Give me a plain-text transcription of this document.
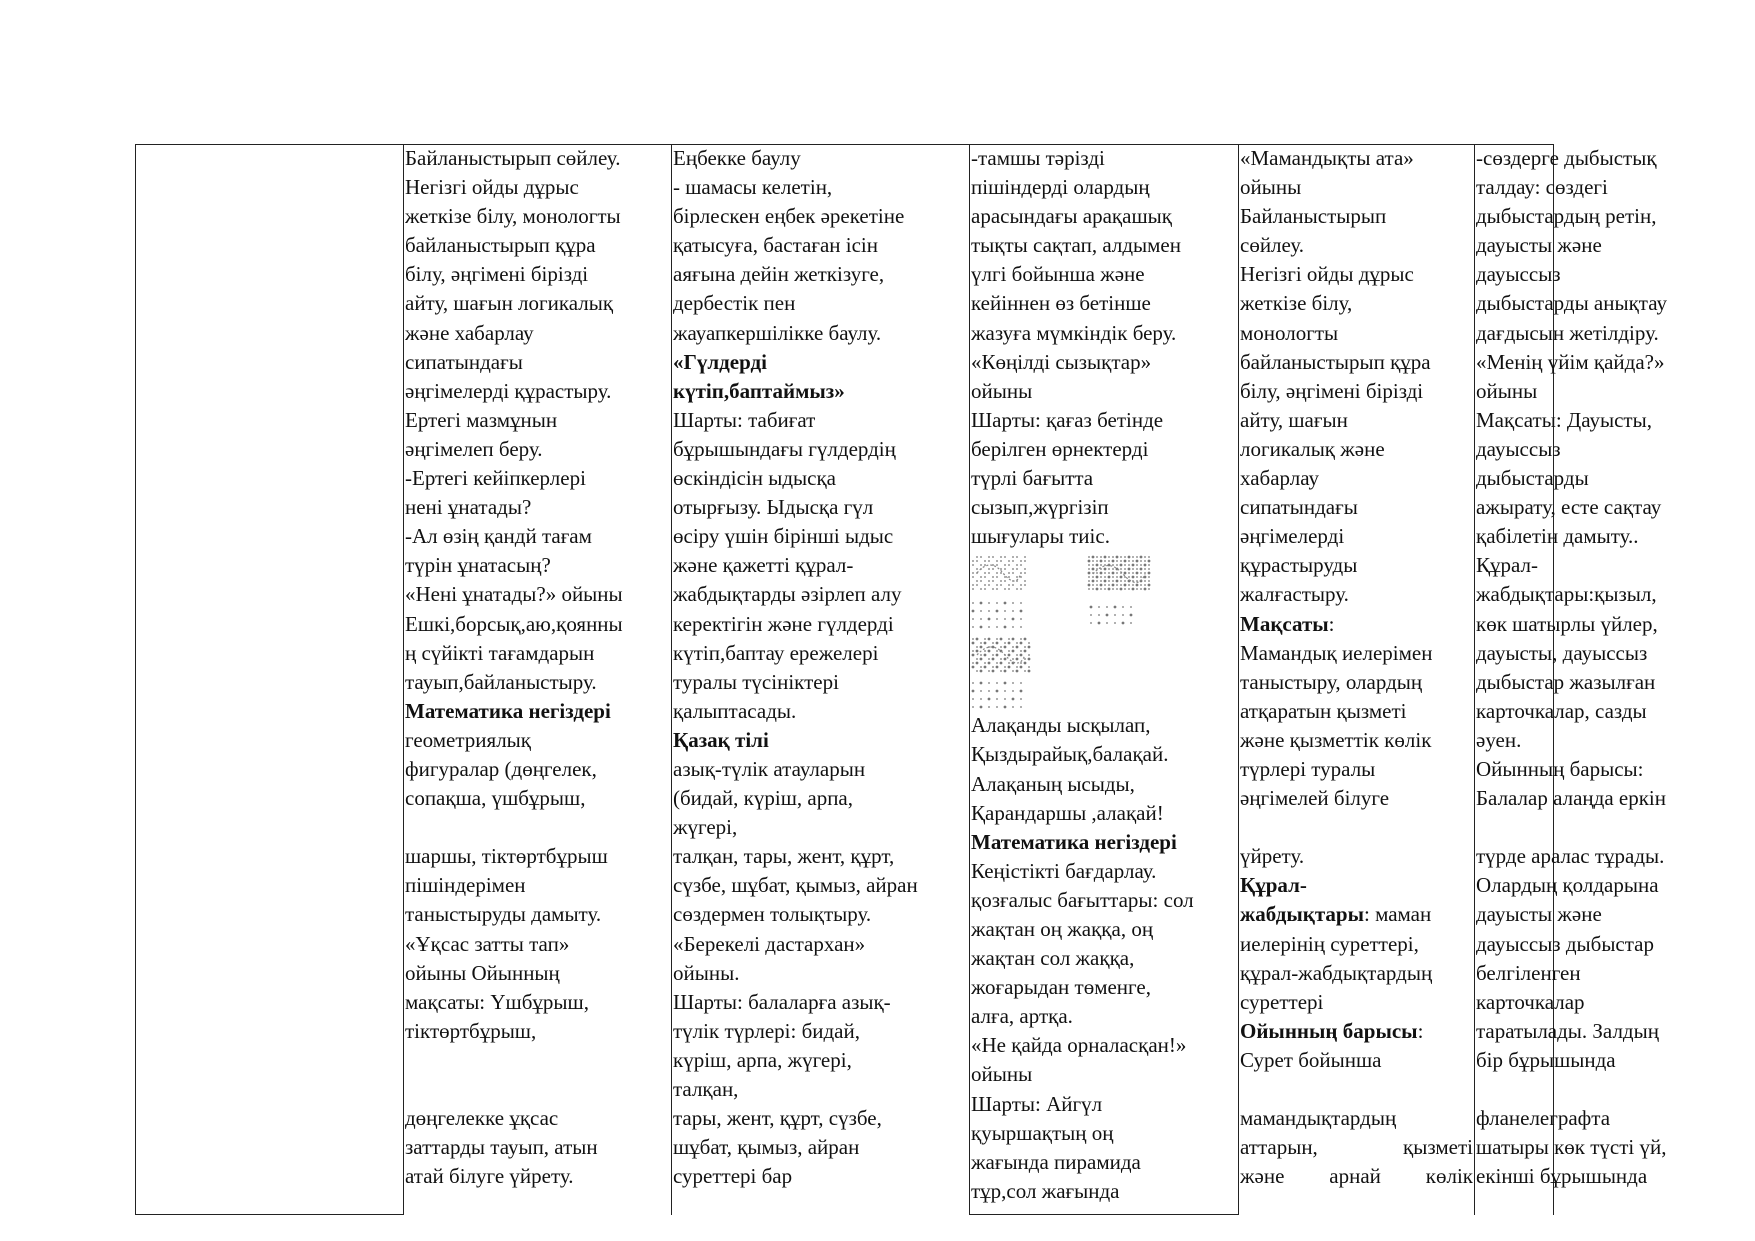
Байланыстырып сөйлеу.
Негізгі ойды дұрыс
жеткізе білу, монологты
байланыстырып құра
білу, әңгімені бірізді
айту, шағын логикалық
және хабарлау
сипатындағы
әңгімелерді құрастыру.
Ертегі мазмұнын
әңгімелеп беру.
-Ертегі кейіпкерлері
нені ұнатады?
-Ал өзің қандй тағам
түрін ұнатасың?
«Нені ұнатады?» ойыны
Ешкі,борсық,аю,қоянны
ң сүйікті тағамдарын
тауып,байланыстыру.
Математика негіздері
геометриялық
фигуралар (дөңгелек,
сопақша, үшбұрыш,
шаршы, тіктөртбұрыш
пішіндерімен
таныстыруды дамыту.
«Ұқсас затты тап»
ойыны Ойынның
мақсаты: Үшбұрыш,
тіктөртбұрыш,
дөңгелекке ұқсас
заттарды тауып, атын
атай білуге үйрету.
Еңбекке баулу
- шамасы келетін,
бірлескен еңбек әрекетіне
қатысуға, бастаған ісін
аяғына дейін жеткізуге,
дербестік пен
жауапкершілікке баулу.
«Гүлдерді
күтіп,баптаймыз»
Шарты: табиғат
бұрышындағы гүлдердің
өскіндісін ыдысқа
отырғызу. Ыдысқа гүл
өсіру үшін бірінші ыдыс
және қажетті құрал-
жабдықтарды әзірлеп алу
керектігін және гүлдерді
күтіп,баптау ережелері
туралы түсініктері
қалыптасады.
Қазақ тілі
азық-түлік атауларын
(бидай, күріш, арпа,
жүгері,
талқан, тары, жент, құрт,
сүзбе, шұбат, қымыз, айран
сөздермен толықтыру.
«Берекелі дастархан»
ойыны.
Шарты: балаларға азық-
түлік түрлері: бидай,
күріш, арпа, жүгері,
талқан,
тары, жент, құрт, сүзбе,
шұбат, қымыз, айран
суреттері бар
-тамшы тәрізді
пішіндерді олардың
арасындағы арақашық
тықты сақтап, алдымен
үлгі бойынша және
кейіннен өз бетінше
жазуға мүмкіндік беру.
«Көңілді сызықтар»
ойыны
Шарты: қағаз бетінде
берілген өрнектерді
түрлі бағытта
сызып,жүргізіп
шығулары тиіс.
Алақанды ысқылап,
Қыздырайық,балақай.
Алақаның ысыды,
Қарандаршы ,алақай!
Математика негіздері
Кеңістікті бағдарлау.
қозғалыс бағыттары: сол
жақтан оң жаққа, оң
жақтан сол жаққа,
жоғарыдан төменге,
алға, артқа.
«Не қайда орналасқан!»
ойыны
Шарты: Айгүл
қуыршақтың оң
жағында пирамида
тұр,сол жағында
«Мамандықты ата»
ойыны
Байланыстырып
сөйлеу.
Негізгі ойды дұрыс
жеткізе білу,
монологты
байланыстырып құра
білу, әңгімені бірізді
айту, шағын
логикалық және
хабарлау
сипатындағы
әңгімелерді
құрастыруды
жалғастыру.
Мақсаты:
Мамандық иелерімен
таныстыру, олардың
атқаратын қызметі
және қызметтік көлік
түрлері туралы
әңгімелей білуге
үйрету.
Құрал-
жабдықтары: маман
иелерінің суреттері,
құрал-жабдықтардың
суреттері
Ойынның барысы:
Сурет бойынша
мамандықтардың
аттарын, қызметі
және арнай көлік
-сөздерге дыбыстық
талдау: сөздегі
дыбыстардың ретін,
дауысты және
дауыссыз
дыбыстарды анықтау
дағдысын жетілдіру.
«Менің үйім қайда?»
ойыны
Мақсаты: Дауысты,
дауыссыз
дыбыстарды
ажырату, есте сақтау
қабілетін дамыту..
Құрал-
жабдықтары:қызыл,
көк шатырлы үйлер,
дауысты, дауыссыз
дыбыстар жазылған
карточкалар, сазды
әуен.
Ойынның барысы:
Балалар алаңда еркін
түрде аралас тұрады.
Олардың қолдарына
дауысты және
дауыссыз дыбыстар
белгіленген
карточкалар
таратылады. Залдың
бір бұрышында
фланелеграфта
шатыры көк түсті үй,
екінші бұрышында
